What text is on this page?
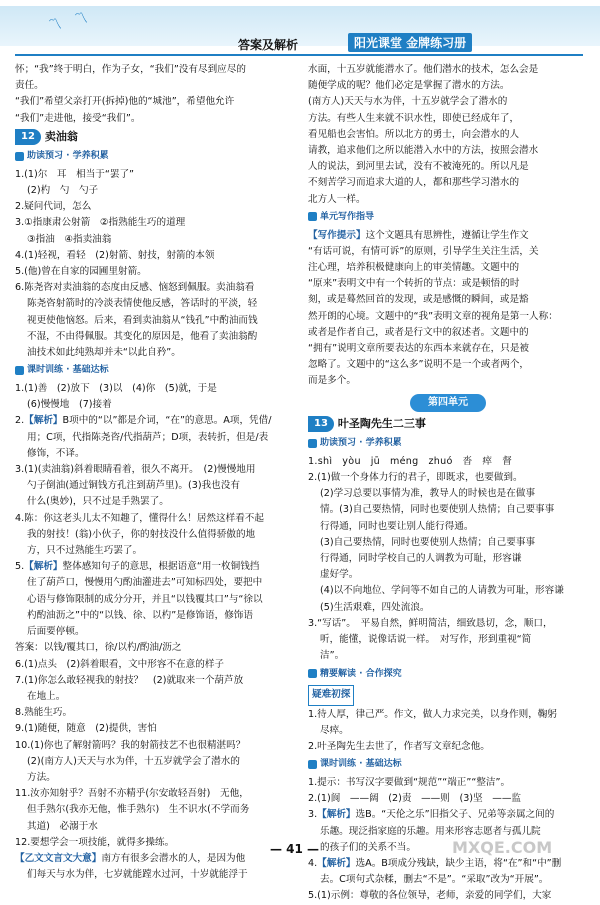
〽 〽
答案及解析	阳光课堂 金牌练习册

怀；“我”终于明白，作为子女，“我们”没有尽到应尽的

责任。

“我们”希望父亲打开(拆掉)他的“城池”，希望他允许

“我们”走进他，接受“我们”。

12 卖油翁
助读预习 · 学养积累

1.(1)尔　耳　相当于“罢了”

(2)杓　勺　勺子

2.疑问代词，怎么

3.①指康肃公射箭　②指熟能生巧的道理

③指油　④指卖油翁

4.(1)轻视，看轻　(2)射箭、射技，射箭的本领

5.(他)曾在自家的园圃里射箭。

6.陈尧咨对卖油翁的态度由反感、恼怒到佩服。卖油翁看

陈尧咨射箭时的冷淡表情使他反感，答话时的平淡，轻

视更使他恼怒。后来，看到卖油翁从“钱孔”中酌油而钱

不湿，不由得佩服。其变化的原因是，他看了卖油翁酌

油技术如此纯熟却并未“以此自矜”。

课时训练 · 基础达标

1.(1)善　(2)放下　(3)以　(4)你　(5)就，于是

(6)慢慢地　(7)接着

2.【解析】B项中的“以”都是介词，“在”的意思。A项，凭借/

用；C项，代指陈尧咨/代指葫芦；D项，表转折，但是/表

修饰，不译。

3.(1)(卖油翁)斜着眼睛看着，很久不离开。　(2)慢慢地用

勺子倒油(通过铜钱方孔注到葫芦里)。(3)我也没有

什么(奥妙)，只不过是手熟罢了。

4.陈：你这老头儿太不知趣了，懂得什么！居然这样看不起

我的射技！(翁)小伙子，你的射技没什么值得骄傲的地

方，只不过熟能生巧罢了。

5.【解析】整体感知句子的意思，根据语意“用一枚铜钱挡

住了葫芦口，慢慢用勺酌油灌进去”可知标四处，要把中

心语与修饰限制的成分分开，并且“以钱覆其口”与“徐以

杓酌油沥之”中的“以钱、徐、以杓”是修饰语，修饰语

后面要停顿。

答案：以钱/覆其口，徐/以杓/酌油/沥之

6.(1)点头　(2)斜着眼看，文中形容不在意的样子

7.(1)你怎么敢轻视我的射技？　(2)就取来一个葫芦放

在地上。

8.熟能生巧。

9.(1)随便，随意　(2)提供，害怕

10.(1)你也了解射箭吗？我的射箭技艺不也很精湛吗？

(2)(南方人)天天与水为伴，十五岁就学会了潜水的

方法。

11.汝亦知射乎？吾射不亦精乎(尔安敢轻吾射)　无他，

但手熟尔(我亦无他，惟手熟尔)　生不识水(不学而务

其道)　必溺于水

12.要想学会一项技能，就得多操练。

【乙文文言文大意】南方有很多会潜水的人，是因为他

们每天与水为伴，七岁就能蹚水过河，十岁就能浮于

水面，十五岁就能潜水了。他们潜水的技术，怎么会是

随便学成的呢？他们必定是掌握了潜水的方法。

(南方人)天天与水为伴，十五岁就学会了潜水的

方法。有些人生来就不识水性，即使已经成年了，

看见船也会害怕。所以北方的勇士，向会潜水的人

请教，追求他们之所以能潜入水中的方法，按照会潜水

人的说法，到河里去试，没有不被淹死的。所以凡是

不刻苦学习而追求大道的人，都和那些学习潜水的

北方人一样。

单元写作指导

【写作提示】这个文题具有思辨性，遵循让学生作文

“有话可说，有情可诉”的原则，引导学生关注生活，关

注心理，培养积极健康向上的审美情趣。文题中的

“原来”表明文中有一个转折的节点：或是顿悟的时

刻，或是蓦然回首的发现，或是感慨的瞬间，或是豁

然开朗的心境。文题中的“我”表明文章的视角是第一人称：

或者是作者自己，或者是行文中的叙述者。文题中的

“拥有”说明文章所要表达的东西本来就存在，只是被

忽略了。文题中的“这么多”说明不是一个或者两个，

而是多个。

第四单元
13 叶圣陶先生二三事
助读预习 · 学养积累

1.shì　yòu　jū　méng　zhuó　沓　瘁　督

2.(1)做一个身体力行的君子，即既求，也要做到。

(2)学习总要以事情为准，教导人的时候也是在做事

情。(3)自己要热情，同时也要使别人热情；自己要事事

行得通，同时也要让别人能行得通。

(3)自己要热情，同时也要使别人热情；自己要事事

行得通，同时学校自己的人调教为可耻，形容谦

虚好学。

(4)以不向地位、学问等不如自己的人请教为可耻，形容谦

(5)生活艰难，四处流浪。

3.“写话”。　平易自然，鲜明简洁，细致恳切，念，顺口，

听，能懂，说像话说一样。　对写作，形到重视“简

洁”。

精要解读 · 合作探究
疑难初探

1.待人厚，律己严。作文，做人力求完美，以身作则，鞠躬

尽瘁。

2.叶圣陶先生去世了，作者写文章纪念他。

课时训练 · 基础达标

1.提示：书写汉字要做到“规范”“端正”“整洁”。

2.(1)阆　——阔　(2)责　——则　(3)坚　——监

3.【解析】选B。“天伦之乐”旧指父子、兄弟等亲属之间的

乐趣。现泛指家庭的乐趣。用来形容志愿者与孤儿院

的孩子们的关系不当。

4.【解析】选A。B项成分残缺，缺少主语，将“在”和“中”删

去。C项句式杂糅，删去“不是”。“采取”改为“开展”。

5.(1)示例：尊敬的各位领导，老师，亲爱的同学们，大家

— 41 —	MXQE.COM
